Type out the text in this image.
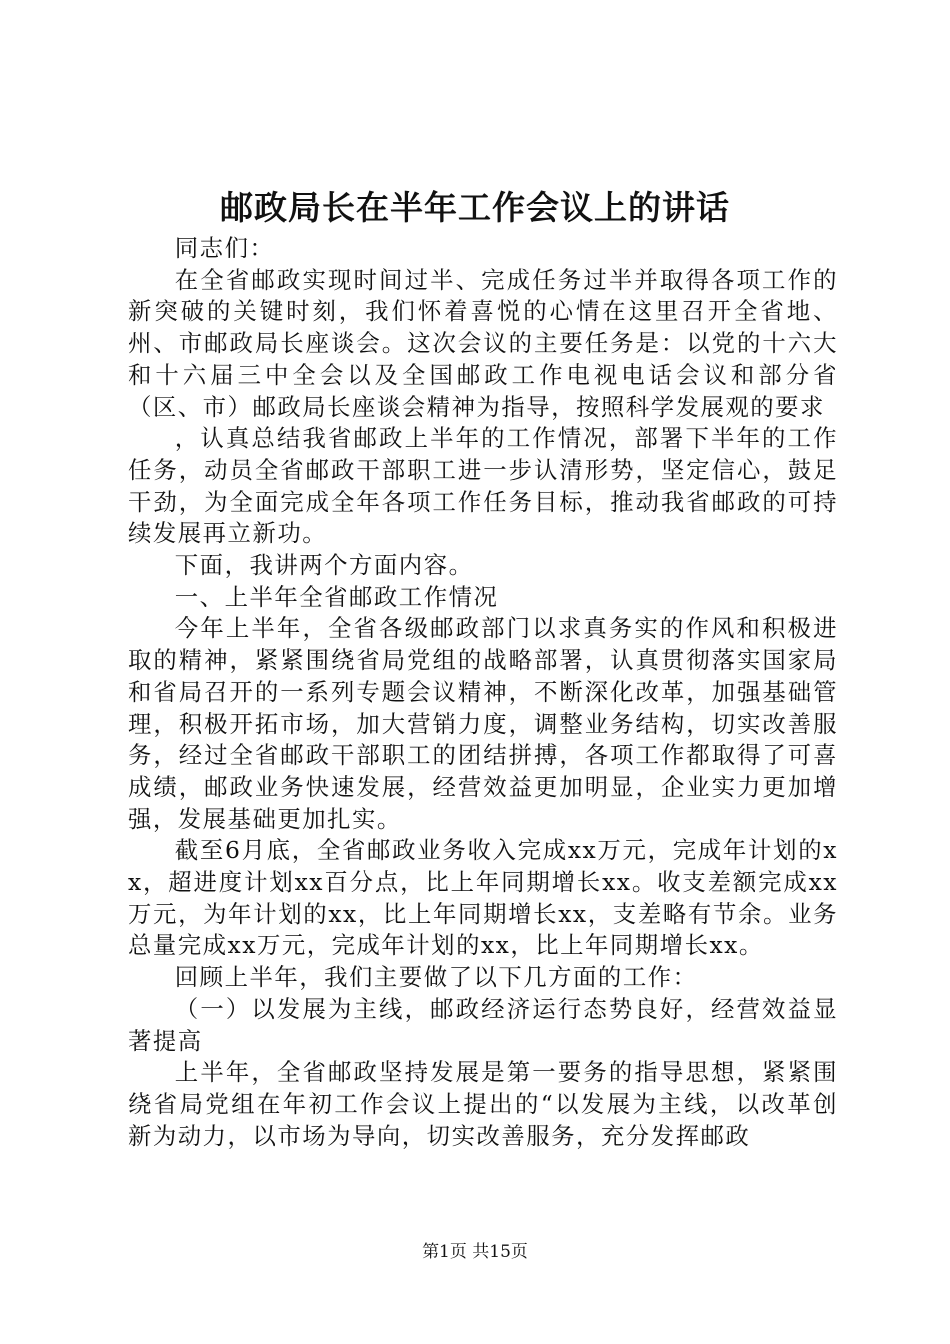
邮政局长在半年工作会议上的讲话

同志们：

在全省邮政实现时间过半、完成任务过半并取得各项工作的新突破的关键时刻，我们怀着喜悦的心情在这里召开全省地、州、市邮政局长座谈会。这次会议的主要任务是：以党的十六大和十六届三中全会以及全国邮政工作电视电话会议和部分省（区、市）邮政局长座谈会精神为指导，按照科学发展观的要求

，认真总结我省邮政上半年的工作情况，部署下半年的工作任务，动员全省邮政干部职工进一步认清形势，坚定信心，鼓足干劲，为全面完成全年各项工作任务目标，推动我省邮政的可持续发展再立新功。

下面，我讲两个方面内容。

一、上半年全省邮政工作情况

今年上半年，全省各级邮政部门以求真务实的作风和积极进取的精神，紧紧围绕省局党组的战略部署，认真贯彻落实国家局和省局召开的一系列专题会议精神，不断深化改革，加强基础管理，积极开拓市场，加大营销力度，调整业务结构，切实改善服务，经过全省邮政干部职工的团结拼搏，各项工作都取得了可喜成绩，邮政业务快速发展，经营效益更加明显，企业实力更加增强，发展基础更加扎实。

截至6月底，全省邮政业务收入完成xx万元，完成年计划的xx，超进度计划xx百分点，比上年同期增长xx。收支差额完成xx万元，为年计划的xx，比上年同期增长xx，支差略有节余。业务总量完成xx万元，完成年计划的xx，比上年同期增长xx。

回顾上半年，我们主要做了以下几方面的工作：

（一）以发展为主线，邮政经济运行态势良好，经营效益显著提高

上半年，全省邮政坚持发展是第一要务的指导思想，紧紧围绕省局党组在年初工作会议上提出的“以发展为主线，以改革创新为动力，以市场为导向，切实改善服务，充分发挥邮政

第1页 共15页
